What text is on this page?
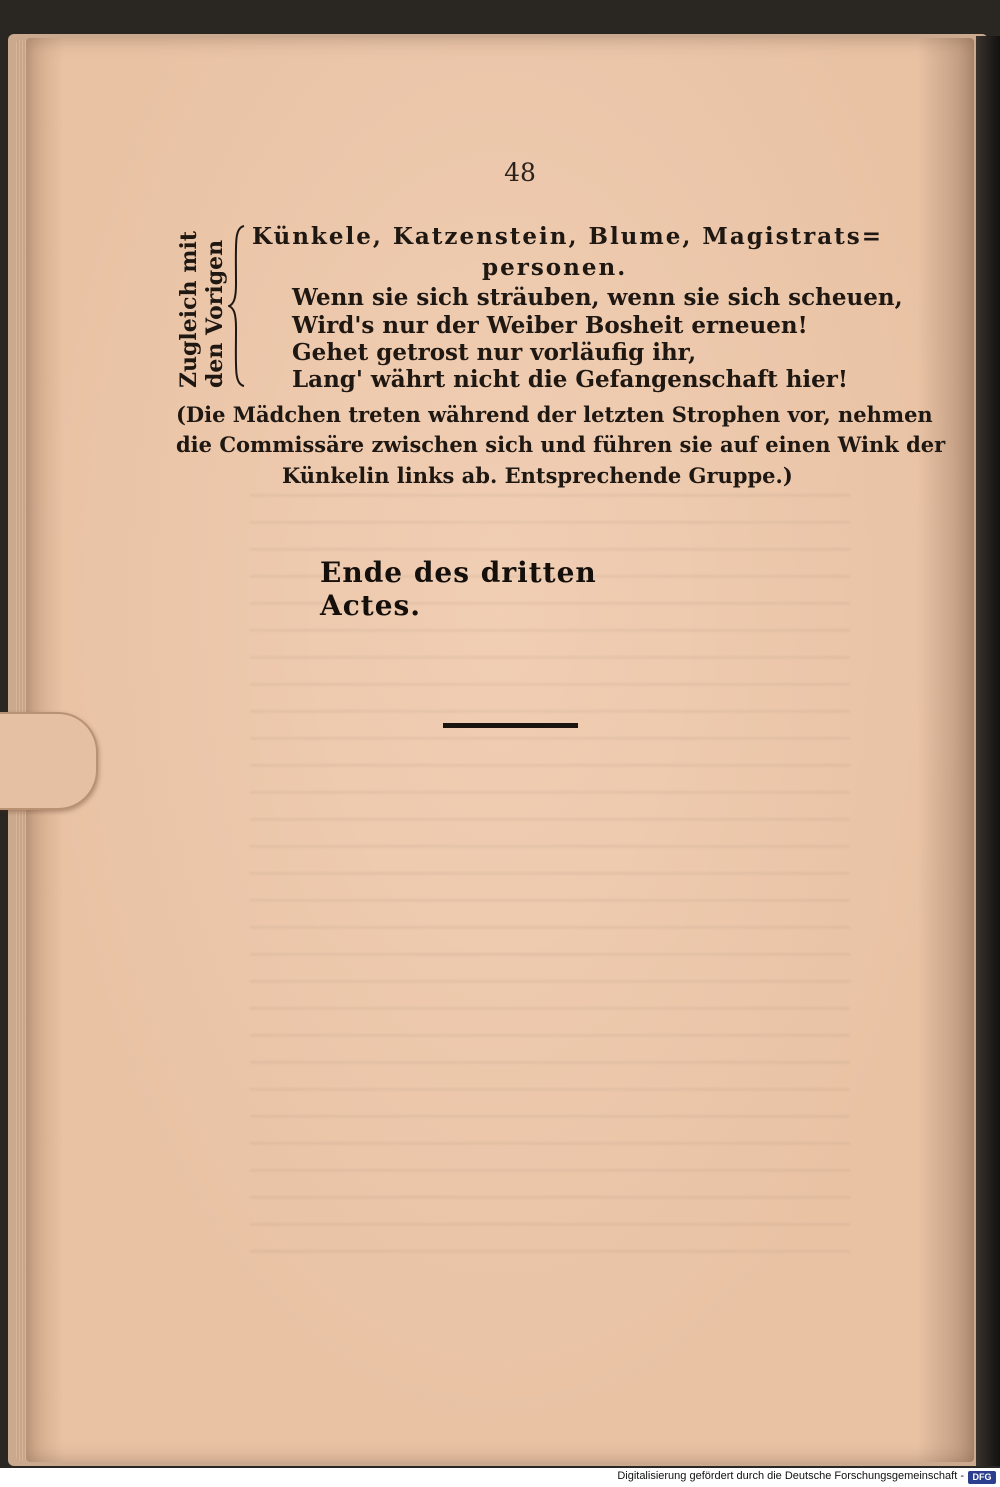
48
Zugleich mit den Vorigen
Künkele, Katzenstein, Blume, Magistrats=
personen.
Wenn sie sich sträuben, wenn sie sich scheuen,
Wird's nur der Weiber Bosheit erneuen!
Gehet getrost nur vorläufig ihr,
Lang' währt nicht die Gefangenschaft hier!
(Die Mädchen treten während der letzten Strophen vor, nehmen
die Commissäre zwischen sich und führen sie auf einen Wink der
Künkelin links ab. Entsprechende Gruppe.)
Ende des dritten Actes.
Digitalisierung gefördert durch die Deutsche Forschungsgemeinschaft - DFG
